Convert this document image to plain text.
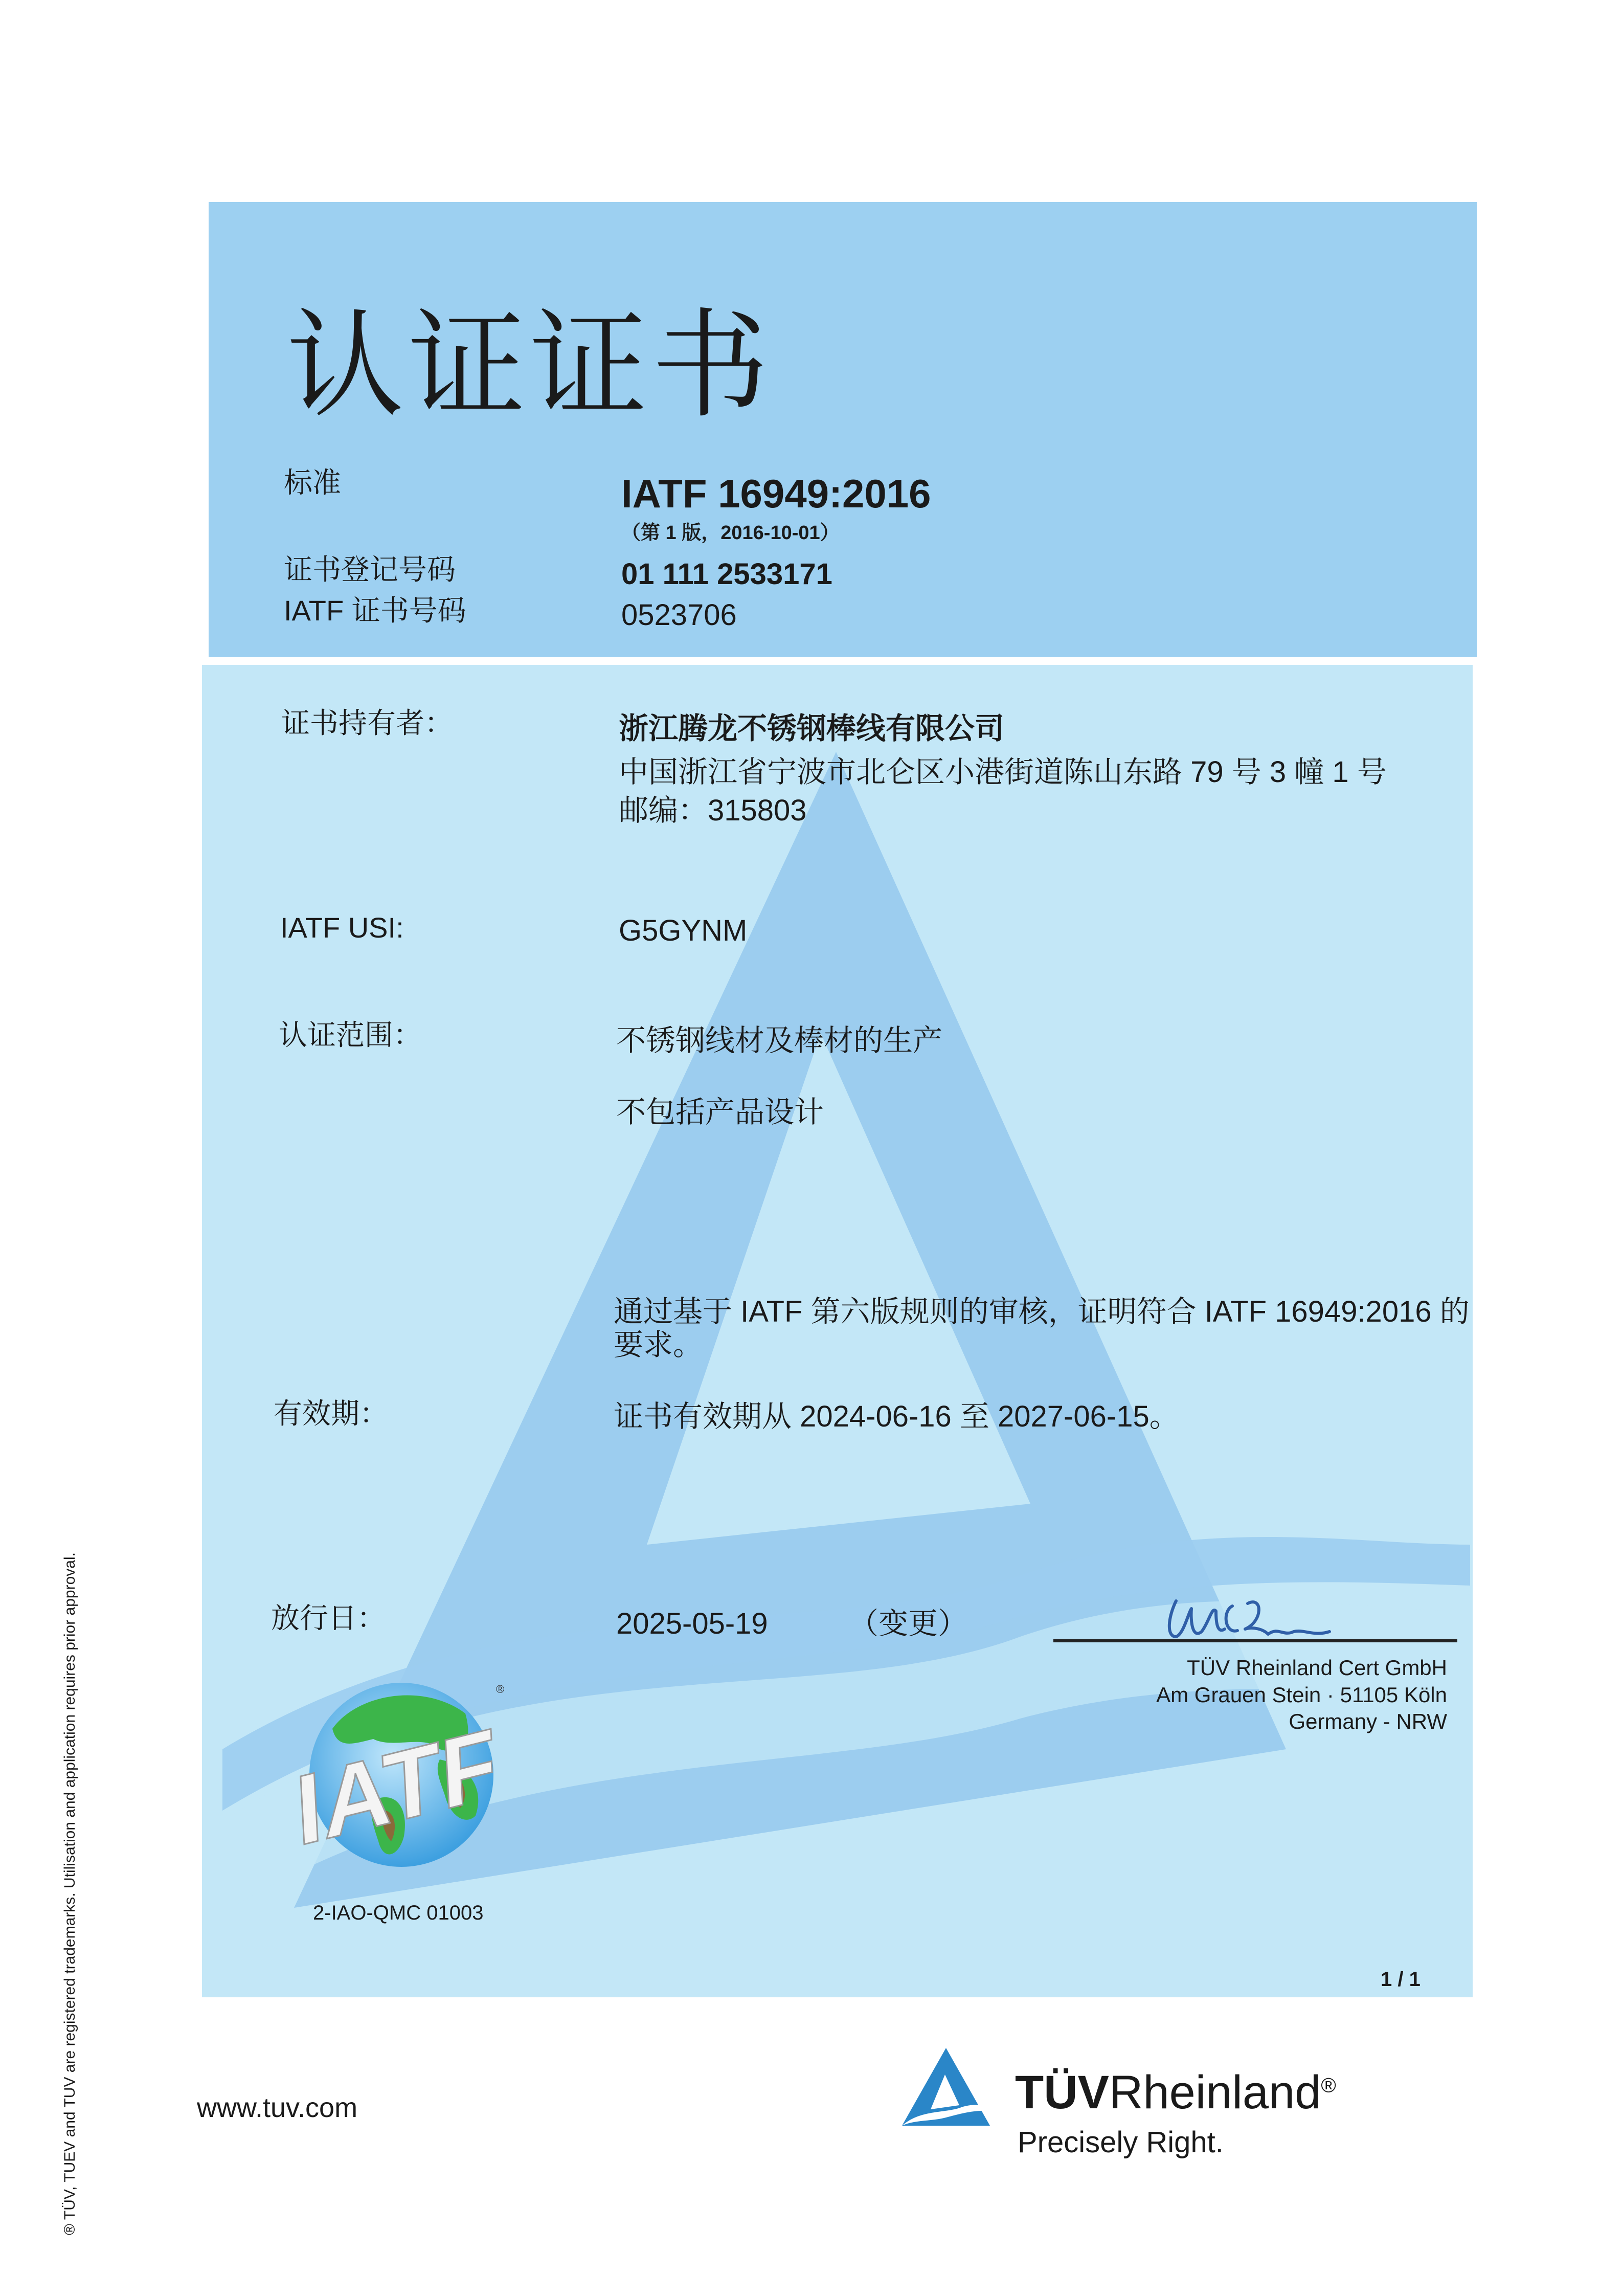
认证证书
标准	IATF 16949:2016
（第 1 版，2016-10-01）
证书登记号码	01 111 2533171
IATF 证书号码	0523706
证书持有者：	浙江腾龙不锈钢棒线有限公司
中国浙江省宁波市北仑区小港街道陈山东路 79 号 3 幢 1 号
邮编：315803
IATF USI:	G5GYNM
认证范围：	不锈钢线材及棒材的生产
不包括产品设计
通过基于 IATF 第六版规则的审核，证明符合 IATF 16949:2016 的
要求。
有效期：	证书有效期从 2024-06-16 至 2027-06-15。
放行日：	2025-05-19	（变更）
TÜV Rheinland Cert GmbH
Am Grauen Stein · 51105 Köln
Germany - NRW
IATF
®
2-IAO-QMC 01003
1 / 1
www.tuv.com	TÜVRheinland®
Precisely Right.
® TÜV, TUEV and TUV are registered trademarks. Utilisation and application requires prior approval.
